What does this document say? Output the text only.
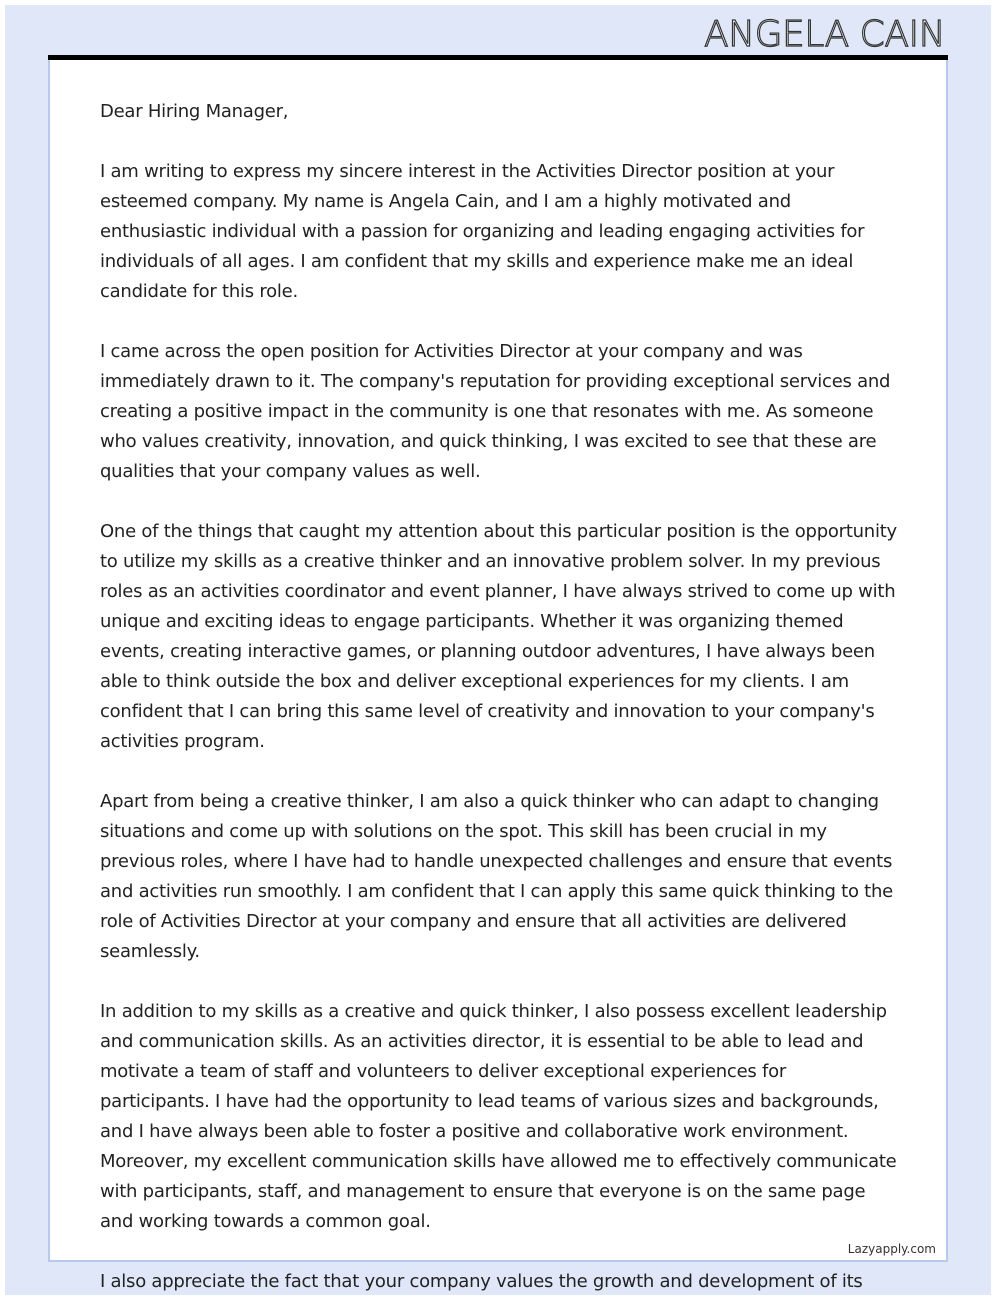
ANGELA CAIN
Lazyapply.com

Dear Hiring Manager,

I am writing to express my sincere interest in the Activities Director position at your esteemed company. My name is Angela Cain, and I am a highly motivated and enthusiastic individual with a passion for organizing and leading engaging activities for individuals of all ages. I am confident that my skills and experience make me an ideal candidate for this role.

I came across the open position for Activities Director at your company and was immediately drawn to it. The company's reputation for providing exceptional services and creating a positive impact in the community is one that resonates with me. As someone who values creativity, innovation, and quick thinking, I was excited to see that these are qualities that your company values as well.

One of the things that caught my attention about this particular position is the opportunity to utilize my skills as a creative thinker and an innovative problem solver. In my previous roles as an activities coordinator and event planner, I have always strived to come up with unique and exciting ideas to engage participants. Whether it was organizing themed events, creating interactive games, or planning outdoor adventures, I have always been able to think outside the box and deliver exceptional experiences for my clients. I am confident that I can bring this same level of creativity and innovation to your company's activities program.

Apart from being a creative thinker, I am also a quick thinker who can adapt to changing situations and come up with solutions on the spot. This skill has been crucial in my previous roles, where I have had to handle unexpected challenges and ensure that events and activities run smoothly. I am confident that I can apply this same quick thinking to the role of Activities Director at your company and ensure that all activities are delivered seamlessly.

In addition to my skills as a creative and quick thinker, I also possess excellent leadership and communication skills. As an activities director, it is essential to be able to lead and motivate a team of staff and volunteers to deliver exceptional experiences for participants. I have had the opportunity to lead teams of various sizes and backgrounds, and I have always been able to foster a positive and collaborative work environment. Moreover, my excellent communication skills have allowed me to effectively communicate with participants, staff, and management to ensure that everyone is on the same page and working towards a common goal.

I also appreciate the fact that your company values the growth and development of its
